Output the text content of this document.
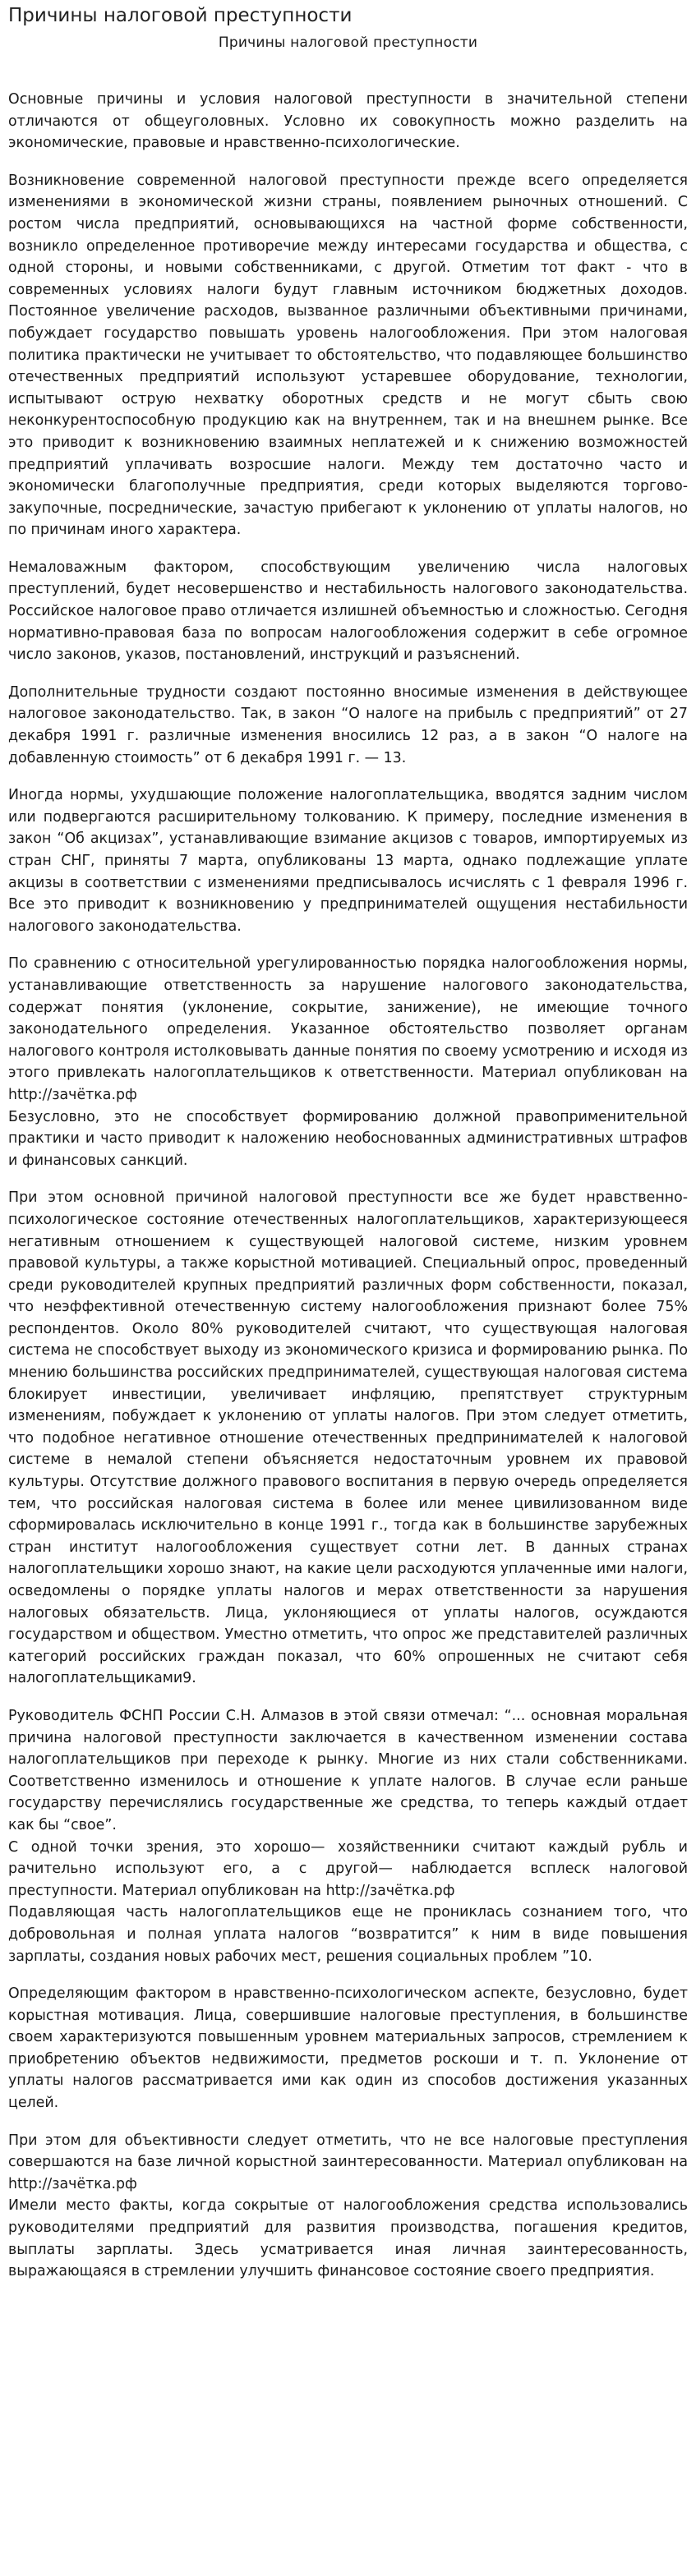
Причины налоговой преступности
Причины налоговой преступности

Основные причины и условия налоговой преступности в значительной степени отличаются от общеуголовных. Условно их совокупность можно разделить на экономические, правовые и нравственно-психологические.

Возникновение современной налоговой преступности прежде всего определяется изменениями в экономической жизни страны, появлением рыночных отношений. С ростом числа предприятий, основывающихся на частной форме собственности, возникло определенное противоречие между интересами государства и общества, с одной стороны, и новыми собственниками, с другой. Отметим тот факт - что в современных условиях налоги будут главным источником бюджетных доходов. Постоянное увеличение расходов, вызванное различными объективными причинами, побуждает государство повышать уровень налогообложения. При этом налоговая политика практически не учитывает то обстоятельство, что подавляющее большинство отечественных предприятий используют устаревшее оборудование, технологии, испытывают острую нехватку оборотных средств и не могут сбыть свою неконкурентоспособную продукцию как на внутреннем, так и на внешнем рынке. Все это приводит к возникновению взаимных неплатежей и к снижению возможностей предприятий уплачивать возросшие налоги. Между тем достаточно часто и экономически благополучные предприятия, среди которых выделяются торгово-закупочные, посреднические, зачастую прибегают к уклонению от уплаты налогов, но по причинам иного характера.

Немаловажным фактором, способствующим увеличению числа налоговых преступлений, будет несовершенство и нестабильность налогового законодательства. Российское налоговое право отличается излишней объемностью и сложностью. Сегодня нормативно-правовая база по вопросам налогообложения содержит в себе огромное число законов, указов, постановлений, инструкций и разъяснений.

Дополнительные трудности создают постоянно вносимые изменения в действующее налоговое законодательство. Так, в закон “О налоге на прибыль с предприятий” от 27 декабря 1991 г. различные изменения вносились 12 раз, а в закон “О налоге на добавленную стоимость” от 6 декабря 1991 г. — 13.

Иногда нормы, ухудшающие положение налогоплательщика, вводятся задним числом или подвергаются расширительному толкованию. К примеру, последние изменения в закон “Об акцизах”, устанавливающие взимание акцизов с товаров, импортируемых из стран СНГ, приняты 7 марта, опубликованы 13 марта, однако подлежащие уплате акцизы в соответствии с изменениями предписывалось исчислять с 1 февраля 1996 г. Все это приводит к возникновению у предпринимателей ощущения нестабильности налогового законодательства.

По сравнению с относительной урегулированностью порядка налогообложения нормы, устанавливающие ответственность за нарушение налогового законодательства, содержат понятия (уклонение, сокрытие, занижение), не имеющие точного законодательного определения. Указанное обстоятельство позволяет органам налогового контроля истолковывать данные понятия по своему усмотрению и исходя из этого привлекать налогоплательщиков к ответственности. Материал опубликован на http://зачётка.рф

Безусловно, это не способствует формированию должной правоприменительной практики и часто приводит к наложению необоснованных административных штрафов и финансовых санкций.

При этом основной причиной налоговой преступности все же будет нравственно-психологическое состояние отечественных налогоплательщиков, характеризующееся негативным отношением к существующей налоговой системе, низким уровнем правовой культуры, а также корыстной мотивацией. Специальный опрос, проведенный среди руководителей крупных предприятий различных форм собственности, показал, что неэффективной отечественную систему налогообложения признают более 75% респондентов. Около 80% руководителей считают, что существующая налоговая система не способствует выходу из экономического кризиса и формированию рынка. По мнению большинства российских предпринимателей, существующая налоговая система блокирует инвестиции, увеличивает инфляцию, препятствует структурным изменениям, побуждает к уклонению от уплаты налогов. При этом следует отметить, что подобное негативное отношение отечественных предпринимателей к налоговой системе в немалой степени объясняется недостаточным уровнем их правовой культуры. Отсутствие должного правового воспитания в первую очередь определяется тем, что российская налоговая система в более или менее цивилизованном виде сформировалась исключительно в конце 1991 г., тогда как в большинстве зарубежных стран институт налогообложения существует сотни лет. В данных странах налогоплательщики хорошо знают, на какие цели расходуются уплаченные ими налоги, осведомлены о порядке уплаты налогов и мерах ответственности за нарушения налоговых обязательств. Лица, уклоняющиеся от уплаты налогов, осуждаются государством и обществом. Уместно отметить, что опрос же представителей различных категорий российских граждан показал, что 60% опрошенных не считают себя налогоплательщиками9.

Руководитель ФСНП России С.Н. Алмазов в этой связи отмечал: “... основная моральная причина налоговой преступности заключается в качественном изменении состава налогоплательщиков при переходе к рынку. Многие из них стали собственниками. Соответственно изменилось и отношение к уплате налогов. В случае если раньше государству перечислялись государственные же средства, то теперь каждый отдает как бы “свое”.

С одной точки зрения, это хорошо— хозяйственники считают каждый рубль и рачительно используют его, а с другой— наблюдается всплеск налоговой преступности. Материал опубликован на http://зачётка.рф

Подавляющая часть налогоплательщиков еще не прониклась сознанием того, что добровольная и полная уплата налогов “возвратится” к ним в виде повышения зарплаты, создания новых рабочих мест, решения социальных проблем ”10.

Определяющим фактором в нравственно-психологическом аспекте, безусловно, будет корыстная мотивация. Лица, совершившие налоговые преступления, в большинстве своем характеризуются повышенным уровнем материальных запросов, стремлением к приобретению объектов недвижимости, предметов роскоши и т. п. Уклонение от уплаты налогов рассматривается ими как один из способов достижения указанных целей.

При этом для объективности следует отметить, что не все налоговые преступления совершаются на базе личной корыстной заинтересованности. Материал опубликован на http://зачётка.рф

Имели место факты, когда сокрытые от налогообложения средства использовались руководителями предприятий для развития производства, погашения кредитов, выплаты зарплаты. Здесь усматривается иная личная заинтересованность, выражающаяся в стремлении улучшить финансовое состояние своего предприятия.
